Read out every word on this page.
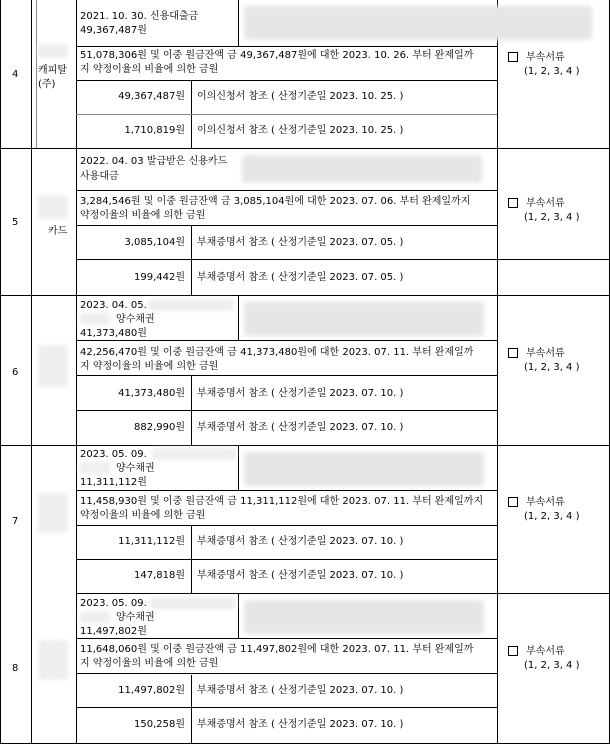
4 캐피탈
(주)
2021. 10. 30. 신용대출금
49,367,487원
51,078,306원 및 이중 원금잔액 금 49,367,487원에 대한 2023. 10. 26. 부터 완제일까
지 약정이율의 비율에 의한 금원
부속서류
(1, 2, 3, 4 )
49,367,487원 이의신청서 참조 ( 산정기준일 2023. 10. 25. )
1,710,819원 이의신청서 참조 ( 산정기준일 2023. 10. 25. )
5
카드
2022. 04. 03 발급받은 신용카드
사용대금
3,284,546원 및 이중 원금잔액 금 3,085,104원에 대한 2023. 07. 06. 부터 완제일까지
약정이율의 비율에 의한 금원
부속서류
(1, 2, 3, 4 )
3,085,104원 부채증명서 참조 ( 산정기준일 2023. 07. 05. )
199,442원 부채증명서 참조 ( 산정기준일 2023. 07. 05. )
6
2023. 04. 05.
양수채권
41,373,480원
42,256,470원 및 이중 원금잔액 금 41,373,480원에 대한 2023. 07. 11. 부터 완제일까
지 약정이율의 비율에 의한 금원
부속서류
(1, 2, 3, 4 )
41,373,480원 부채증명서 참조 ( 산정기준일 2023. 07. 10. )
882,990원 부채증명서 참조 ( 산정기준일 2023. 07. 10. )
7
2023. 05. 09.
양수채권
11,311,112원
11,458,930원 및 이중 원금잔액 금 11,311,112원에 대한 2023. 07. 11. 부터 완제일까지
약정이율의 비율에 의한 금원
부속서류
(1, 2, 3, 4 )
11,311,112원 부채증명서 참조 ( 산정기준일 2023. 07. 10. )
147,818원 부채증명서 참조 ( 산정기준일 2023. 07. 10. )
8
2023. 05. 09.
양수채권
11,497,802원
11,648,060원 및 이중 원금잔액 금 11,497,802원에 대한 2023. 07. 11. 부터 완제일까
지 약정이율의 비율에 의한 금원
부속서류
(1, 2, 3, 4 )
11,497,802원 부채증명서 참조 ( 산정기준일 2023. 07. 10. )
150,258원 부채증명서 참조 ( 산정기준일 2023. 07. 10. )
